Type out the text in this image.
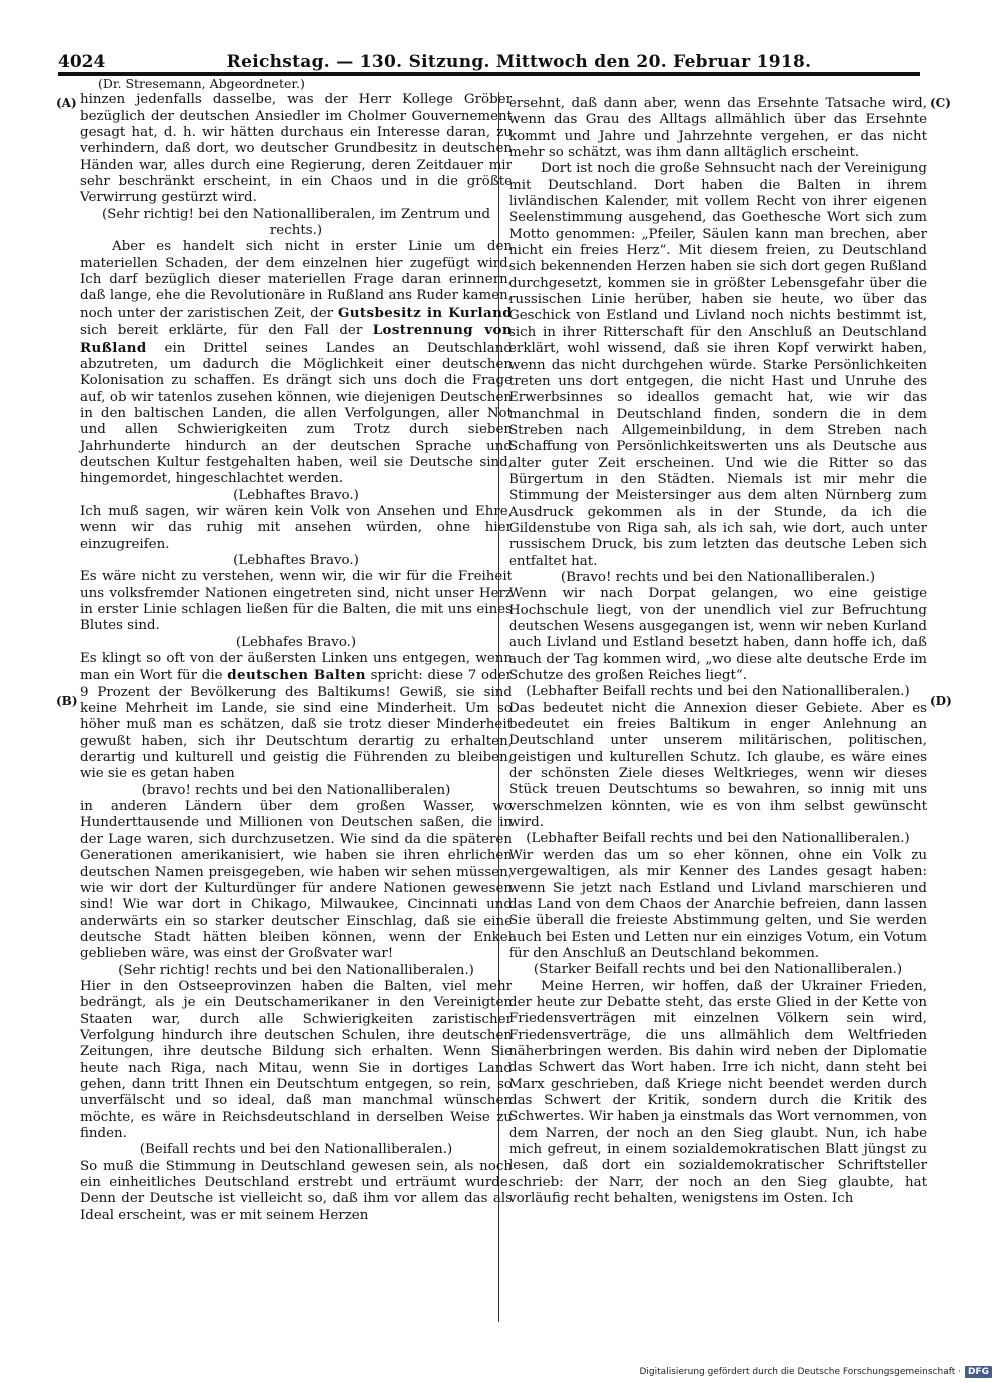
4024	Reichstag. — 130. Sitzung. Mittwoch den 20. Februar 1918.
(A)
(B)
(C)
(D)

(Dr. Stresemann, Abgeordneter.)

hinzen jedenfalls dasselbe, was der Herr Kollege Gröber bezüglich der deutschen Ansiedler im Cholmer Gouvernement gesagt hat, d. h. wir hätten durchaus ein Interesse daran, zu verhindern, daß dort, wo deutscher Grundbesitz in deutschen Händen war, alles durch eine Regierung, deren Zeitdauer mir sehr beschränkt erscheint, in ein Chaos und in die größte Verwirrung gestürzt wird.

(Sehr richtig! bei den Nationalliberalen, im Zentrum und rechts.)

Aber es handelt sich nicht in erster Linie um den materiellen Schaden, der dem einzelnen hier zugefügt wird. Ich darf bezüglich dieser materiellen Frage daran erinnern, daß lange, ehe die Revolutionäre in Rußland ans Ruder kamen, noch unter der zaristischen Zeit, der Gutsbesitz in Kurland sich bereit erklärte, für den Fall der Lostrennung von Rußland ein Drittel seines Landes an Deutschland abzutreten, um dadurch die Möglichkeit einer deutschen Kolonisation zu schaffen. Es drängt sich uns doch die Frage auf, ob wir tatenlos zusehen können, wie diejenigen Deutschen in den baltischen Landen, die allen Verfolgungen, aller Not und allen Schwierigkeiten zum Trotz durch sieben Jahrhunderte hindurch an der deutschen Sprache und deutschen Kultur festgehalten haben, weil sie Deutsche sind, hingemordet, hingeschlachtet werden.

(Lebhaftes Bravo.)

Ich muß sagen, wir wären kein Volk von Ansehen und Ehre, wenn wir das ruhig mit ansehen würden, ohne hier einzugreifen.

(Lebhaftes Bravo.)

Es wäre nicht zu verstehen, wenn wir, die wir für die Freiheit uns volksfremder Nationen eingetreten sind, nicht unser Herz in erster Linie schlagen ließen für die Balten, die mit uns eines Blutes sind.

(Lebhafes Bravo.)

Es klingt so oft von der äußersten Linken uns entgegen, wenn man ein Wort für die deutschen Balten spricht: diese 7 oder 9 Prozent der Bevölkerung des Baltikums! Gewiß, sie sind keine Mehrheit im Lande, sie sind eine Minderheit. Um so höher muß man es schätzen, daß sie trotz dieser Minderheit gewußt haben, sich ihr Deutschtum derartig zu erhalten, derartig und kulturell und geistig die Führenden zu bleiben, wie sie es getan haben

(bravo! rechts und bei den Nationalliberalen)

in anderen Ländern über dem großen Wasser, wo Hunderttausende und Millionen von Deutschen saßen, die in der Lage waren, sich durchzusetzen. Wie sind da die späteren Generationen amerikanisiert, wie haben sie ihren ehrlichen deutschen Namen preisgegeben, wie haben wir sehen müssen, wie wir dort der Kulturdünger für andere Nationen gewesen sind! Wie war dort in Chikago, Milwaukee, Cincinnati und anderwärts ein so starker deutscher Einschlag, daß sie eine deutsche Stadt hätten bleiben können, wenn der Enkel geblieben wäre, was einst der Großvater war!

(Sehr richtig! rechts und bei den Nationalliberalen.)

Hier in den Ostseeprovinzen haben die Balten, viel mehr bedrängt, als je ein Deutschamerikaner in den Vereinigten Staaten war, durch alle Schwierigkeiten zaristischer Verfolgung hindurch ihre deutschen Schulen, ihre deutschen Zeitungen, ihre deutsche Bildung sich erhalten. Wenn Sie heute nach Riga, nach Mitau, wenn Sie in dortiges Land gehen, dann tritt Ihnen ein Deutschtum entgegen, so rein, so unverfälscht und so ideal, daß man manchmal wünschen möchte, es wäre in Reichsdeutschland in derselben Weise zu finden.

(Beifall rechts und bei den Nationalliberalen.)

So muß die Stimmung in Deutschland gewesen sein, als noch ein einheitliches Deutschland erstrebt und erträumt wurde. Denn der Deutsche ist vielleicht so, daß ihm vor allem das als Ideal erscheint, was er mit seinem Herzen

ersehnt, daß dann aber, wenn das Ersehnte Tatsache wird, wenn das Grau des Alltags allmählich über das Ersehnte kommt und Jahre und Jahrzehnte vergehen, er das nicht mehr so schätzt, was ihm dann alltäglich erscheint.

Dort ist noch die große Sehnsucht nach der Vereinigung mit Deutschland. Dort haben die Balten in ihrem livländischen Kalender, mit vollem Recht von ihrer eigenen Seelenstimmung ausgehend, das Goethesche Wort sich zum Motto genommen: „Pfeiler, Säulen kann man brechen, aber nicht ein freies Herz“. Mit diesem freien, zu Deutschland sich bekennenden Herzen haben sie sich dort gegen Rußland durchgesetzt, kommen sie in größter Lebensgefahr über die russischen Linie herüber, haben sie heute, wo über das Geschick von Estland und Livland noch nichts bestimmt ist, sich in ihrer Ritterschaft für den Anschluß an Deutschland erklärt, wohl wissend, daß sie ihren Kopf verwirkt haben, wenn das nicht durchgehen würde. Starke Persönlichkeiten treten uns dort entgegen, die nicht Hast und Unruhe des Erwerbsinnes so ideallos gemacht hat, wie wir das manchmal in Deutschland finden, sondern die in dem Streben nach Allgemeinbildung, in dem Streben nach Schaffung von Persönlichkeitswerten uns als Deutsche aus alter guter Zeit erscheinen. Und wie die Ritter so das Bürgertum in den Städten. Niemals ist mir mehr die Stimmung der Meistersinger aus dem alten Nürnberg zum Ausdruck gekommen als in der Stunde, da ich die Gildenstube von Riga sah, als ich sah, wie dort, auch unter russischem Druck, bis zum letzten das deutsche Leben sich entfaltet hat.

(Bravo! rechts und bei den Nationalliberalen.)

Wenn wir nach Dorpat gelangen, wo eine geistige Hochschule liegt, von der unendlich viel zur Befruchtung deutschen Wesens ausgegangen ist, wenn wir neben Kurland auch Livland und Estland besetzt haben, dann hoffe ich, daß auch der Tag kommen wird, „wo diese alte deutsche Erde im Schutze des großen Reiches liegt“.

(Lebhafter Beifall rechts und bei den Nationalliberalen.)

Das bedeutet nicht die Annexion dieser Gebiete. Aber es bedeutet ein freies Baltikum in enger Anlehnung an Deutschland unter unserem militärischen, politischen, geistigen und kulturellen Schutz. Ich glaube, es wäre eines der schönsten Ziele dieses Weltkrieges, wenn wir dieses Stück treuen Deutschtums so bewahren, so innig mit uns verschmelzen könnten, wie es von ihm selbst gewünscht wird.

(Lebhafter Beifall rechts und bei den Nationalliberalen.)

Wir werden das um so eher können, ohne ein Volk zu vergewaltigen, als mir Kenner des Landes gesagt haben: wenn Sie jetzt nach Estland und Livland marschieren und das Land von dem Chaos der Anarchie befreien, dann lassen Sie überall die freieste Abstimmung gelten, und Sie werden auch bei Esten und Letten nur ein einziges Votum, ein Votum für den Anschluß an Deutschland bekommen.

(Starker Beifall rechts und bei den Nationalliberalen.)

Meine Herren, wir hoffen, daß der Ukrainer Frieden, der heute zur Debatte steht, das erste Glied in der Kette von Friedensverträgen mit einzelnen Völkern sein wird, Friedensverträge, die uns allmählich dem Weltfrieden näherbringen werden. Bis dahin wird neben der Diplomatie das Schwert das Wort haben. Irre ich nicht, dann steht bei Marx geschrieben, daß Kriege nicht beendet werden durch das Schwert der Kritik, sondern durch die Kritik des Schwertes. Wir haben ja einstmals das Wort vernommen, von dem Narren, der noch an den Sieg glaubt. Nun, ich habe mich gefreut, in einem sozialdemokratischen Blatt jüngst zu lesen, daß dort ein sozialdemokratischer Schriftsteller schrieb: der Narr, der noch an den Sieg glaubte, hat vorläufig recht behalten, wenigstens im Osten. Ich

Digitalisierung gefördert durch die Deutsche Forschungsgemeinschaft · DFG
